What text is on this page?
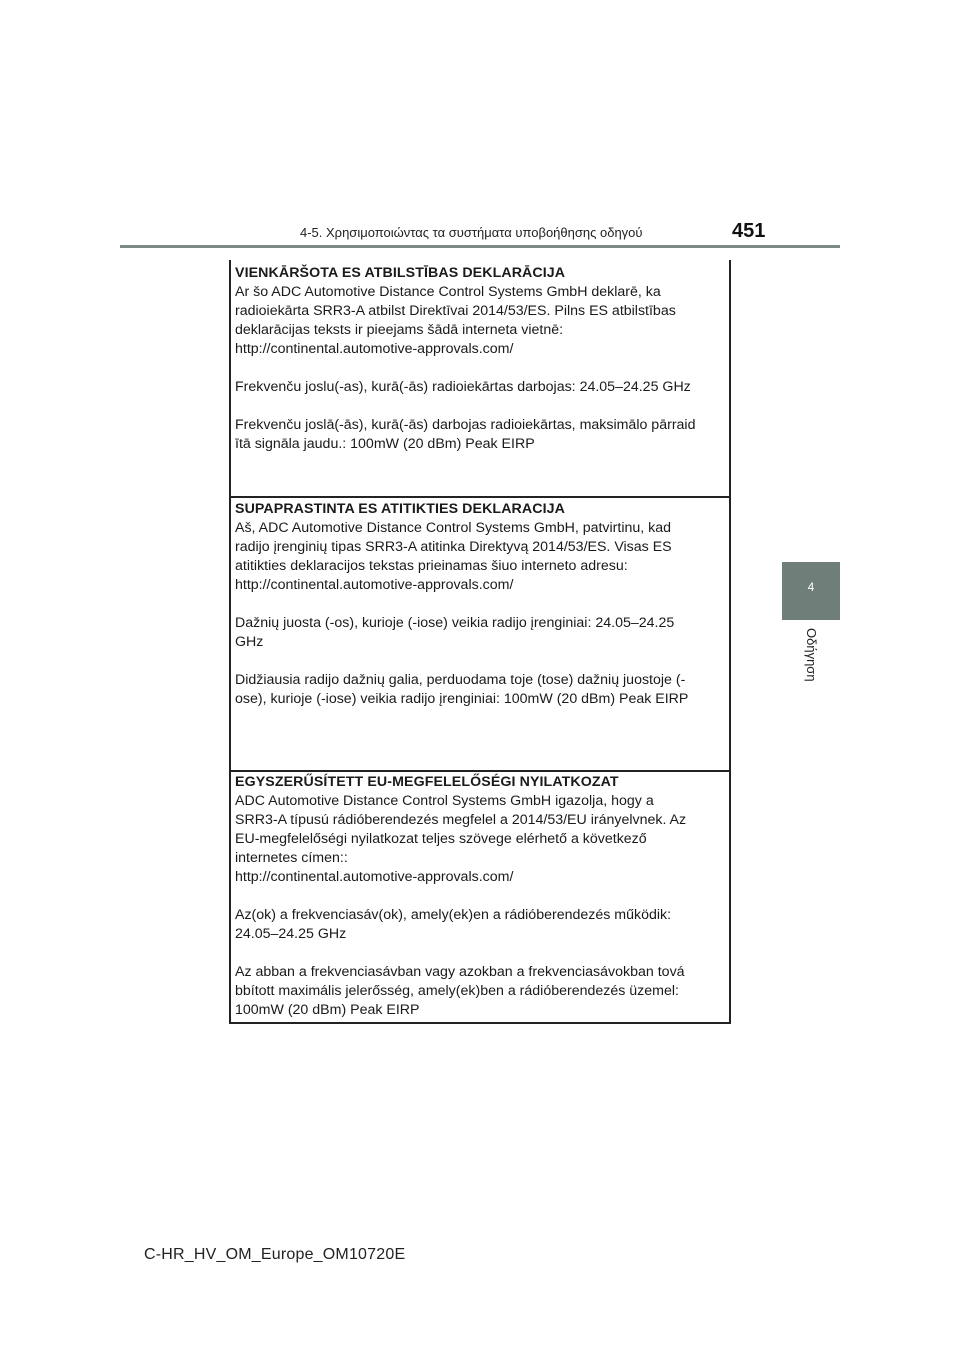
4-5. Χρησιμοποιώντας τα συστήματα υποβοήθησης οδηγού	451
4
Οδήγηση
VIENKĀRŠOTA ES ATBILSTĪBAS DEKLARĀCIJA

Ar šo ADC Automotive Distance Control Systems GmbH deklarē, ka

radioiekārta SRR3-A atbilst Direktīvai 2014/53/ES. Pilns ES atbilstības

deklarācijas teksts ir pieejams šādā interneta vietnē:

http://continental.automotive-approvals.com/

Frekvenču joslu(-as), kurā(-ās) radioiekārtas darbojas: 24.05–24.25 GHz

Frekvenču joslā(-ās), kurā(-ās) darbojas radioiekārtas, maksimālo pārraid

ītā signāla jaudu.: 100mW (20 dBm) Peak EIRP

SUPAPRASTINTA ES ATITIKTIES DEKLARACIJA

Aš, ADC Automotive Distance Control Systems GmbH, patvirtinu, kad

radijo įrenginių tipas SRR3-A atitinka Direktyvą 2014/53/ES. Visas ES

atitikties deklaracijos tekstas prieinamas šiuo interneto adresu:

http://continental.automotive-approvals.com/

Dažnių juosta (-os), kurioje (-iose) veikia radijo įrenginiai: 24.05–24.25

GHz

Didžiausia radijo dažnių galia, perduodama toje (tose) dažnių juostoje (-

ose), kurioje (-iose) veikia radijo įrenginiai: 100mW (20 dBm) Peak EIRP

EGYSZERŰSÍTETT EU-MEGFELELŐSÉGI NYILATKOZAT

ADC Automotive Distance Control Systems GmbH igazolja, hogy a

SRR3-A típusú rádióberendezés megfelel a 2014/53/EU irányelvnek. Az

EU-megfelelőségi nyilatkozat teljes szövege elérhető a következő

internetes címen::

http://continental.automotive-approvals.com/

Az(ok) a frekvenciasáv(ok), amely(ek)en a rádióberendezés működik:

24.05–24.25 GHz

Az abban a frekvenciasávban vagy azokban a frekvenciasávokban tová

bbított maximális jelerősség, amely(ek)ben a rádióberendezés üzemel:

100mW (20 dBm) Peak EIRP

C-HR_HV_OM_Europe_OM10720E
